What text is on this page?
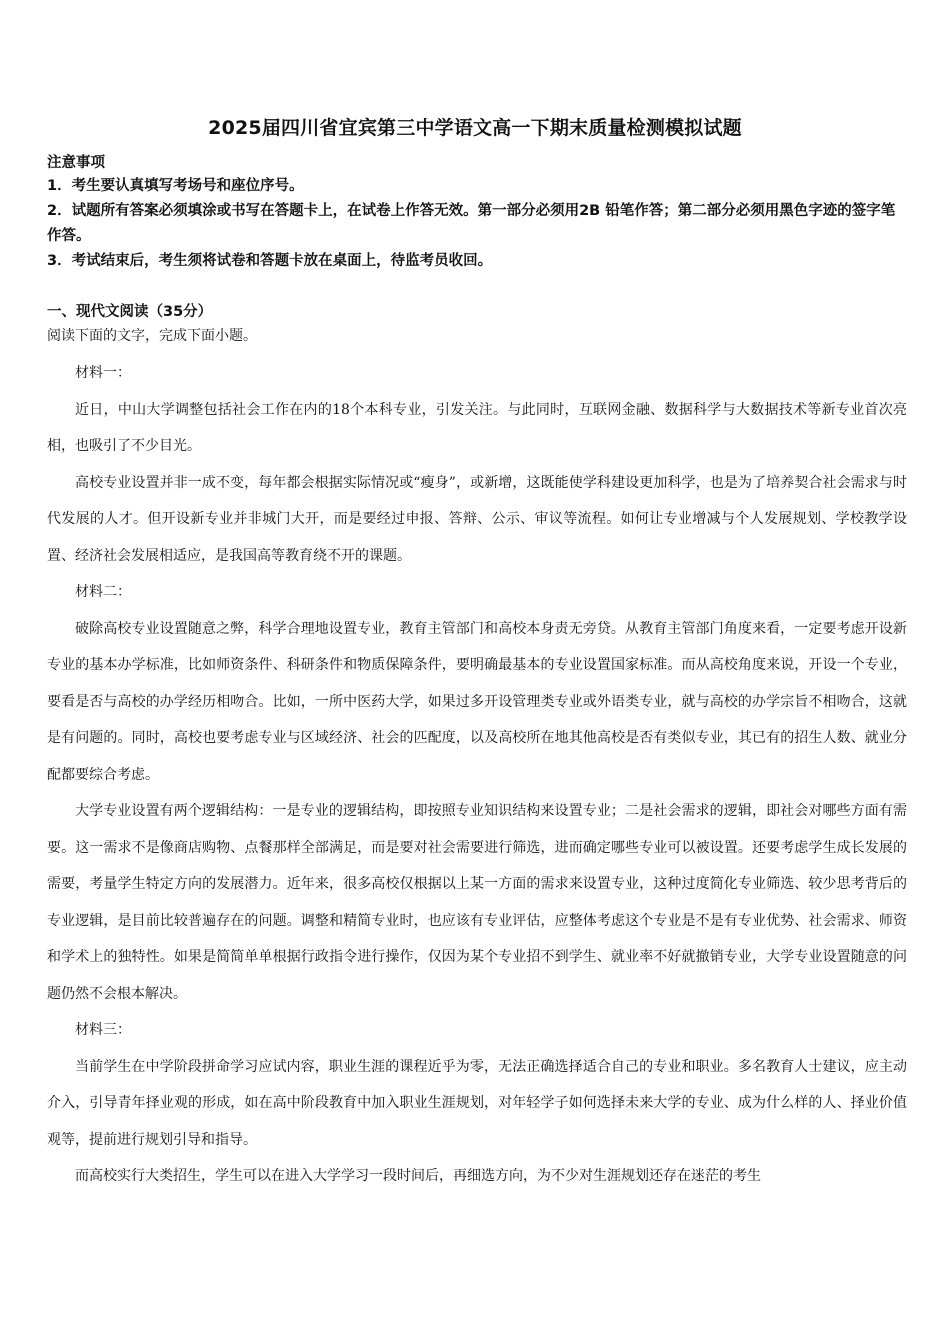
2025届四川省宜宾第三中学语文高一下期末质量检测模拟试题
注意事项

1．考生要认真填写考场号和座位序号。

2．试题所有答案必须填涂或书写在答题卡上，在试卷上作答无效。第一部分必须用2B 铅笔作答；第二部分必须用黑色字迹的签字笔作答。

3．考试结束后，考生须将试卷和答题卡放在桌面上，待监考员收回。

一、现代文阅读（35分）
阅读下面的文字，完成下面小题。

材料一：

近日，中山大学调整包括社会工作在内的18个本科专业，引发关注。与此同时，互联网金融、数据科学与大数据技术等新专业首次亮相，也吸引了不少目光。

高校专业设置并非一成不变，每年都会根据实际情况或“瘦身”，或新增，这既能使学科建设更加科学，也是为了培养契合社会需求与时代发展的人才。但开设新专业并非城门大开，而是要经过申报、答辩、公示、审议等流程。如何让专业增减与个人发展规划、学校教学设置、经济社会发展相适应，是我国高等教育绕不开的课题。

材料二：

破除高校专业设置随意之弊，科学合理地设置专业，教育主管部门和高校本身责无旁贷。从教育主管部门角度来看，一定要考虑开设新专业的基本办学标准，比如师资条件、科研条件和物质保障条件，要明确最基本的专业设置国家标准。而从高校角度来说，开设一个专业，要看是否与高校的办学经历相吻合。比如，一所中医药大学，如果过多开设管理类专业或外语类专业，就与高校的办学宗旨不相吻合，这就是有问题的。同时，高校也要考虑专业与区域经济、社会的匹配度，以及高校所在地其他高校是否有类似专业，其已有的招生人数、就业分配都要综合考虑。

大学专业设置有两个逻辑结构：一是专业的逻辑结构，即按照专业知识结构来设置专业；二是社会需求的逻辑，即社会对哪些方面有需要。这一需求不是像商店购物、点餐那样全部满足，而是要对社会需要进行筛选，进而确定哪些专业可以被设置。还要考虑学生成长发展的需要，考量学生特定方向的发展潜力。近年来，很多高校仅根据以上某一方面的需求来设置专业，这种过度简化专业筛选、较少思考背后的专业逻辑，是目前比较普遍存在的问题。调整和精简专业时，也应该有专业评估，应整体考虑这个专业是不是有专业优势、社会需求、师资和学术上的独特性。如果是简简单单根据行政指令进行操作，仅因为某个专业招不到学生、就业率不好就撤销专业，大学专业设置随意的问题仍然不会根本解决。

材料三：

当前学生在中学阶段拼命学习应试内容，职业生涯的课程近乎为零，无法正确选择适合自己的专业和职业。多名教育人士建议，应主动介入，引导青年择业观的形成，如在高中阶段教育中加入职业生涯规划，对年轻学子如何选择未来大学的专业、成为什么样的人、择业价值观等，提前进行规划引导和指导。

而高校实行大类招生，学生可以在进入大学学习一段时间后，再细选方向，为不少对生涯规划还存在迷茫的考生
